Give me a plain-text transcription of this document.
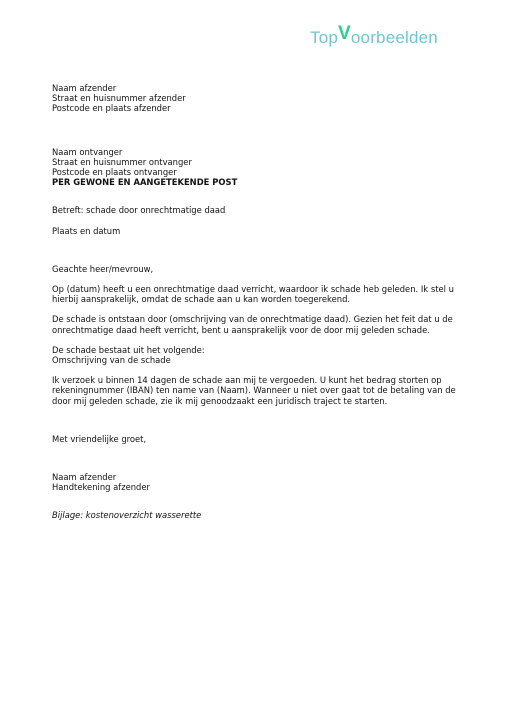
Top V oorbeelden
Naam afzender
Straat en huisnummer afzender
Postcode en plaats afzender
Naam ontvanger
Straat en huisnummer ontvanger
Postcode en plaats ontvanger
PER GEWONE EN AANGETEKENDE POST
Betreft: schade door onrechtmatige daad
Plaats en datum
Geachte heer/mevrouw,
Op (datum) heeft u een onrechtmatige daad verricht, waardoor ik schade heb geleden. Ik stel u hierbij aansprakelijk, omdat de schade aan u kan worden toegerekend.
De schade is ontstaan door (omschrijving van de onrechtmatige daad). Gezien het feit dat u de onrechtmatige daad heeft verricht, bent u aansprakelijk voor de door mij geleden schade.
De schade bestaat uit het volgende:
Omschrijving van de schade
Ik verzoek u binnen 14 dagen de schade aan mij te vergoeden. U kunt het bedrag storten op rekeningnummer (IBAN) ten name van (Naam). Wanneer u niet over gaat tot de betaling van de door mij geleden schade, zie ik mij genoodzaakt een juridisch traject te starten.
Met vriendelijke groet,
Naam afzender
Handtekening afzender
Bijlage: kostenoverzicht wasserette
